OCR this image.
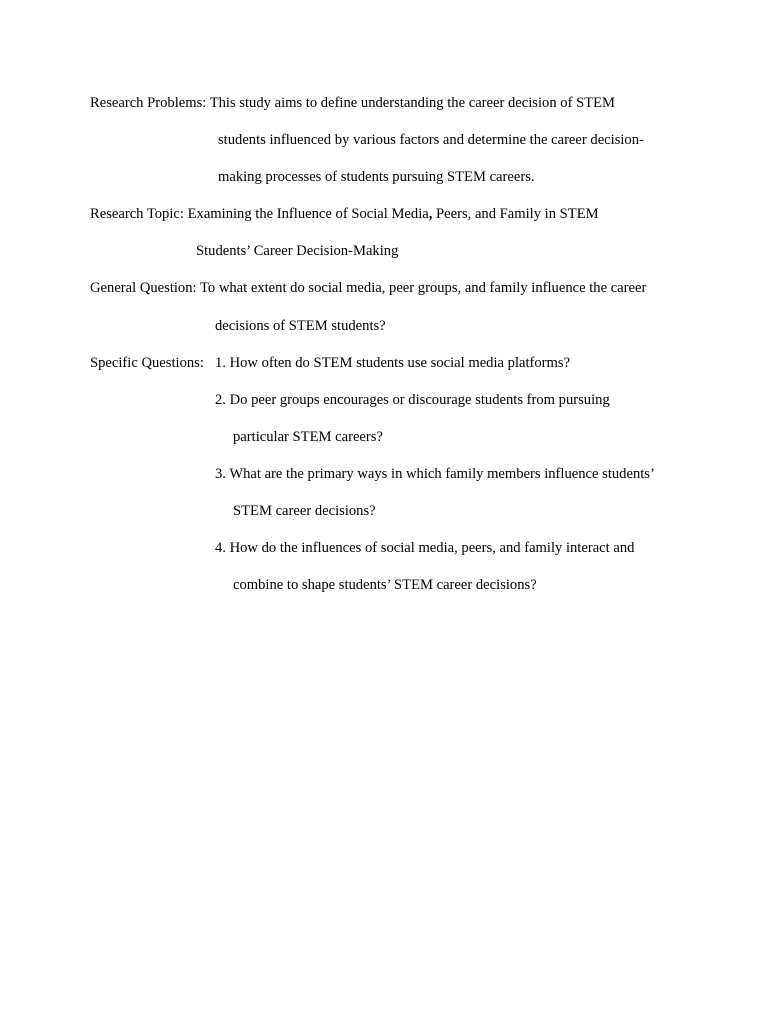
Research Problems: This study aims to define understanding the career decision of STEM
students influenced by various factors and determine the career decision-
making processes of students pursuing STEM careers.
Research Topic: Examining the Influence of Social Media, Peers, and Family in STEM
Students’ Career Decision-Making
General Question: To what extent do social media, peer groups, and family influence the career
decisions of STEM students?
Specific Questions: 1. How often do STEM students use social media platforms?
2. Do peer groups encourages or discourage students from pursuing
particular STEM careers?
3. What are the primary ways in which family members influence students’
STEM career decisions?
4. How do the influences of social media, peers, and family interact and
combine to shape students’ STEM career decisions?
